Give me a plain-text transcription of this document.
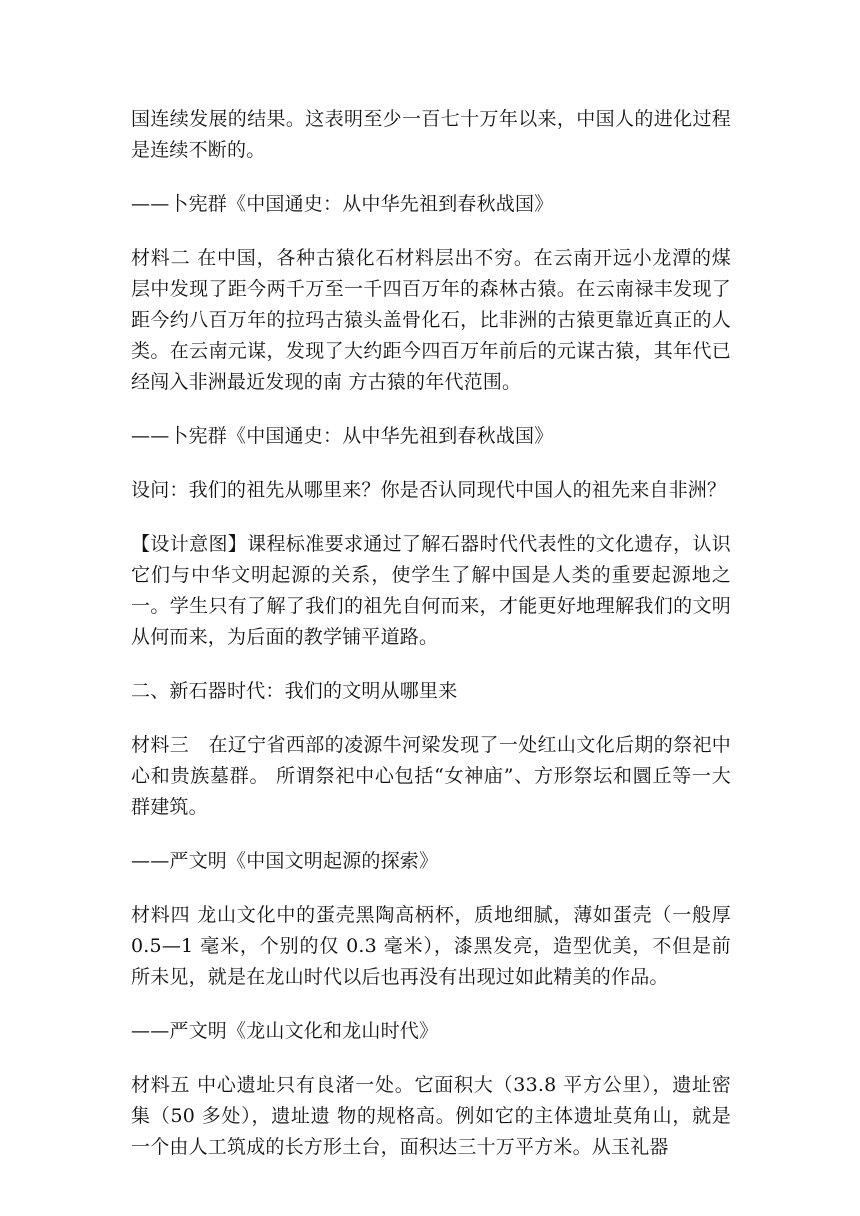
国连续发展的结果。这表明至少一百七十万年以来，中国人的进化过程是连续不断的。

——卜宪群《中国通史：从中华先祖到春秋战国》

材料二 在中国，各种古猿化石材料层出不穷。在云南开远小龙潭的煤层中发现了距今两千万至一千四百万年的森林古猿。在云南禄丰发现了距今约八百万年的拉玛古猿头盖骨化石，比非洲的古猿更靠近真正的人类。在云南元谋，发现了大约距今四百万年前后的元谋古猿，其年代已经闯入非洲最近发现的南 方古猿的年代范围。

——卜宪群《中国通史：从中华先祖到春秋战国》

设问：我们的祖先从哪里来？你是否认同现代中国人的祖先来自非洲？

【设计意图】课程标准要求通过了解石器时代代表性的文化遗存，认识它们与中华文明起源的关系，使学生了解中国是人类的重要起源地之一。学生只有了解了我们的祖先自何而来，才能更好地理解我们的文明从何而来，为后面的教学铺平道路。

二、新石器时代：我们的文明从哪里来

材料三　在辽宁省西部的凌源牛河梁发现了一处红山文化后期的祭祀中心和贵族墓群。 所谓祭祀中心包括“女神庙”、方形祭坛和圜丘等一大群建筑。

——严文明《中国文明起源的探索》

材料四 龙山文化中的蛋壳黑陶高柄杯，质地细腻，薄如蛋壳（一般厚 0.5—1 毫米，个别的仅 0.3 毫米），漆黑发亮，造型优美，不但是前所未见，就是在龙山时代以后也再没有出现过如此精美的作品。

——严文明《龙山文化和龙山时代》

材料五 中心遗址只有良渚一处。它面积大（33.8 平方公里），遗址密集（50 多处），遗址遗 物的规格高。例如它的主体遗址莫角山，就是一个由人工筑成的长方形土台，面积达三十万平方米。从玉礼器
